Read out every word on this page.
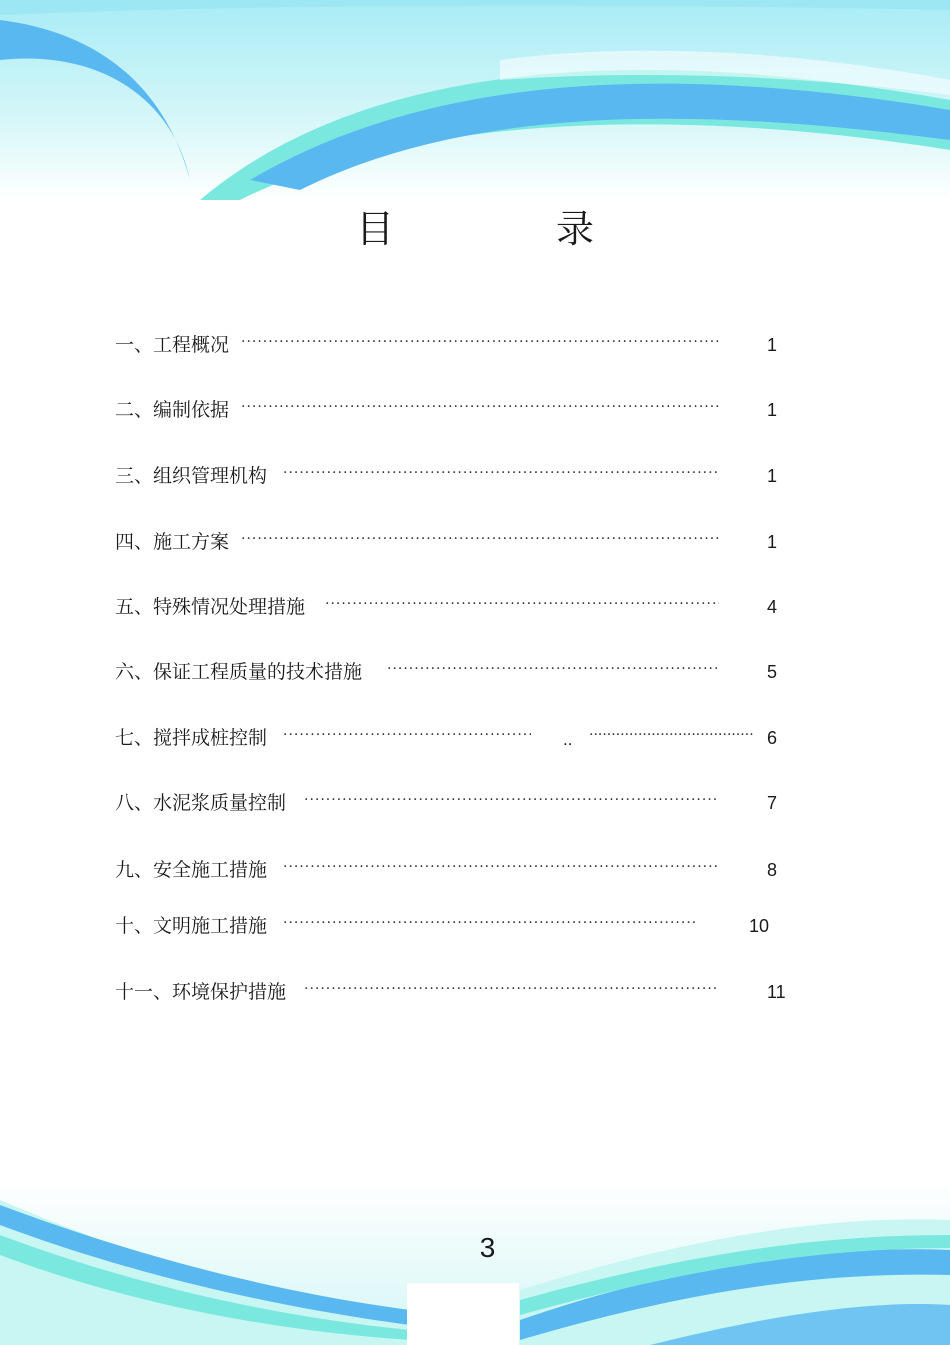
目　录
一、工程概况 ·····	1
二、编制依据 ·····	1
三、组织管理机构 ·····	1
四、施工方案 ·····	1
五、特殊情况处理措施 ·····	4
六、保证工程质量的技术措施 ·····	5
七、搅拌成桩控制 ·····	.. ·····	6
八、水泥浆质量控制 ·····	7
九、安全施工措施 ·····	8
十、文明施工措施 ·····	10
十一、环境保护措施 ·····	11
3
